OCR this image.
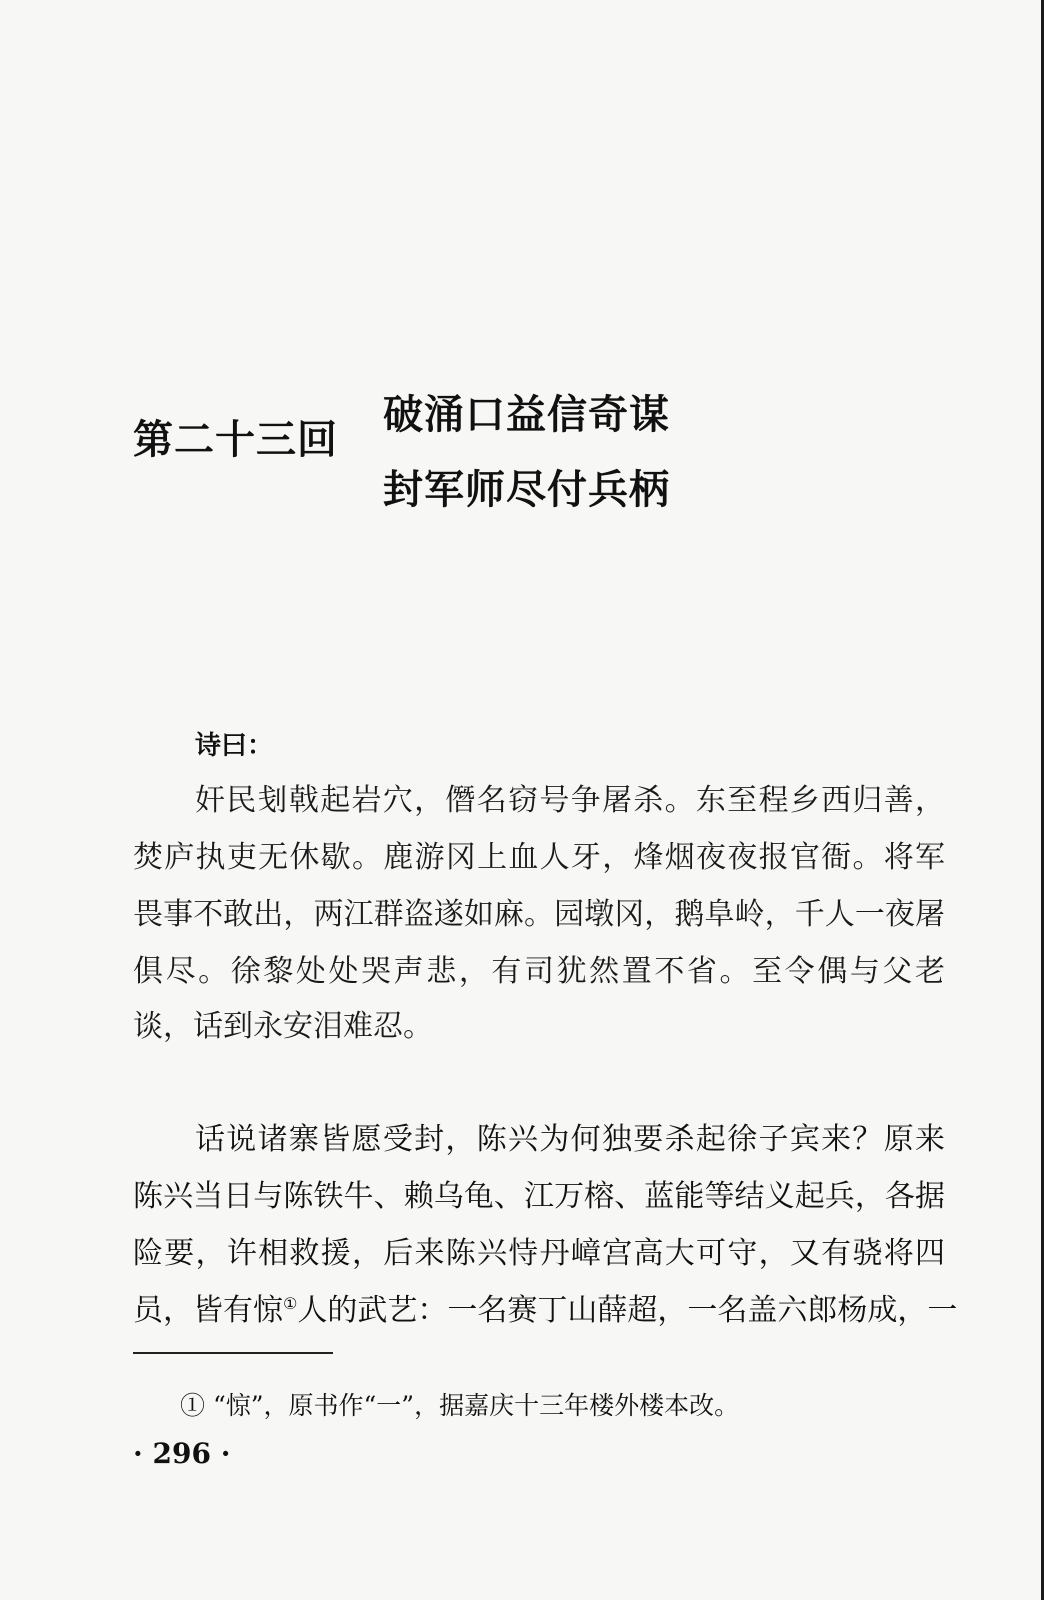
第二十三回
破涌口益信奇谋
封军师尽付兵柄
诗曰：
奸民刬戟起岩穴，僭名窃号争屠杀。东至程乡西归善，
焚庐执吏无休歇。鹿游冈上血人牙，烽烟夜夜报官衙。将军
畏事不敢出，两江群盗遂如麻。园墩冈，鹅阜岭，千人一夜屠
俱尽。徐黎处处哭声悲，有司犹然置不省。至令偶与父老
谈，话到永安泪难忍。
话说诸寨皆愿受封，陈兴为何独要杀起徐子宾来？原来
陈兴当日与陈铁牛、赖乌龟、江万榕、蓝能等结义起兵，各据
险要，许相救援，后来陈兴恃丹嶂宫高大可守，又有骁将四
员，皆有惊①人的武艺：一名赛丁山薛超，一名盖六郎杨成，一
① “惊”，原书作“一”，据嘉庆十三年楼外楼本改。
· 296 ·
